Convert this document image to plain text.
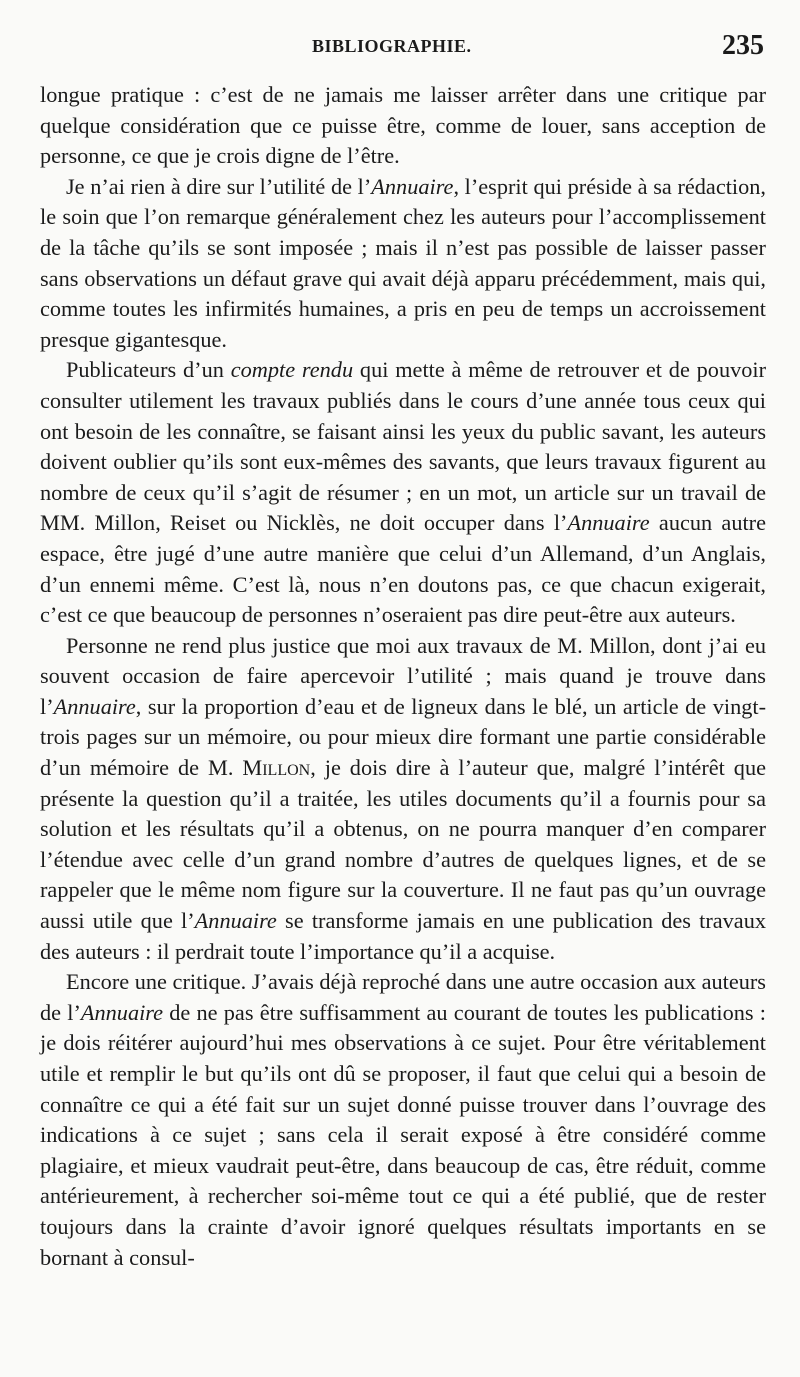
BIBLIOGRAPHIE.	235

longue pratique : c’est de ne jamais me laisser arrêter dans une critique par quelque considération que ce puisse être, comme de louer, sans acception de personne, ce que je crois digne de l’être.

Je n’ai rien à dire sur l’utilité de l’Annuaire, l’esprit qui préside à sa rédaction, le soin que l’on remarque généralement chez les auteurs pour l’accomplissement de la tâche qu’ils se sont imposée ; mais il n’est pas possible de laisser passer sans observations un défaut grave qui avait déjà apparu précédemment, mais qui, comme toutes les infirmités humaines, a pris en peu de temps un accroissement presque gigantesque.

Publicateurs d’un compte rendu qui mette à même de retrouver et de pouvoir consulter utilement les travaux publiés dans le cours d’une année tous ceux qui ont besoin de les connaître, se faisant ainsi les yeux du public savant, les auteurs doivent oublier qu’ils sont eux-mêmes des savants, que leurs travaux figurent au nombre de ceux qu’il s’agit de résumer ; en un mot, un article sur un travail de MM. Millon, Reiset ou Nicklès, ne doit occuper dans l’Annuaire aucun autre espace, être jugé d’une autre manière que celui d’un Allemand, d’un Anglais, d’un ennemi même. C’est là, nous n’en doutons pas, ce que chacun exigerait, c’est ce que beaucoup de personnes n’oseraient pas dire peut-être aux auteurs.

Personne ne rend plus justice que moi aux travaux de M. Millon, dont j’ai eu souvent occasion de faire apercevoir l’utilité ; mais quand je trouve dans l’Annuaire, sur la proportion d’eau et de ligneux dans le blé, un article de vingt-trois pages sur un mémoire, ou pour mieux dire formant une partie considérable d’un mémoire de M. Millon, je dois dire à l’auteur que, malgré l’intérêt que présente la question qu’il a traitée, les utiles documents qu’il a fournis pour sa solution et les résultats qu’il a obtenus, on ne pourra manquer d’en comparer l’étendue avec celle d’un grand nombre d’autres de quelques lignes, et de se rappeler que le même nom figure sur la couverture. Il ne faut pas qu’un ouvrage aussi utile que l’Annuaire se transforme jamais en une publication des travaux des auteurs : il perdrait toute l’importance qu’il a acquise.

Encore une critique. J’avais déjà reproché dans une autre occasion aux auteurs de l’Annuaire de ne pas être suffisamment au courant de toutes les publications : je dois réitérer aujourd’hui mes observations à ce sujet. Pour être véritablement utile et remplir le but qu’ils ont dû se proposer, il faut que celui qui a besoin de connaître ce qui a été fait sur un sujet donné puisse trouver dans l’ouvrage des indications à ce sujet ; sans cela il serait exposé à être considéré comme plagiaire, et mieux vaudrait peut-être, dans beaucoup de cas, être réduit, comme antérieurement, à rechercher soi-même tout ce qui a été publié, que de rester toujours dans la crainte d’avoir ignoré quelques résultats importants en se bornant à consul-
